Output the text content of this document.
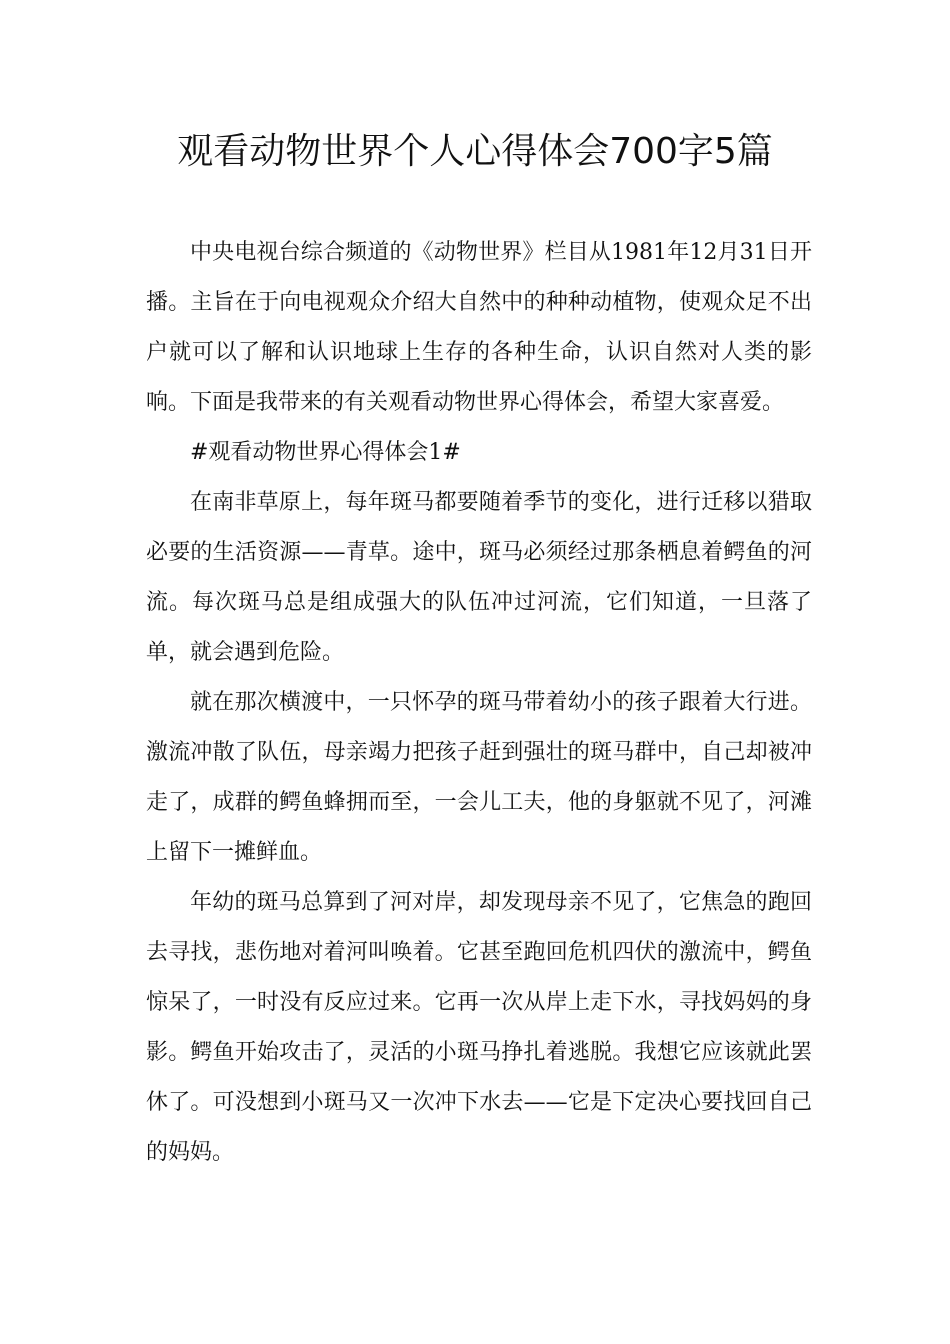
观看动物世界个人心得体会700字5篇

中央电视台综合频道的《动物世界》栏目从1981年12月31日开播。主旨在于向电视观众介绍大自然中的种种动植物，使观众足不出户就可以了解和认识地球上生存的各种生命，认识自然对人类的影响。下面是我带来的有关观看动物世界心得体会，希望大家喜爱。

#观看动物世界心得体会1#

在南非草原上，每年斑马都要随着季节的变化，进行迁移以猎取必要的生活资源——青草。途中，斑马必须经过那条栖息着鳄鱼的河流。每次斑马总是组成强大的队伍冲过河流，它们知道，一旦落了单，就会遇到危险。

就在那次横渡中，一只怀孕的斑马带着幼小的孩子跟着大行进。激流冲散了队伍，母亲竭力把孩子赶到强壮的斑马群中，自己却被冲走了，成群的鳄鱼蜂拥而至，一会儿工夫，他的身躯就不见了，河滩上留下一摊鲜血。

年幼的斑马总算到了河对岸，却发现母亲不见了，它焦急的跑回去寻找，悲伤地对着河叫唤着。它甚至跑回危机四伏的激流中，鳄鱼惊呆了，一时没有反应过来。它再一次从岸上走下水，寻找妈妈的身影。鳄鱼开始攻击了，灵活的小斑马挣扎着逃脱。我想它应该就此罢休了。可没想到小斑马又一次冲下水去——它是下定决心要找回自己的妈妈。
